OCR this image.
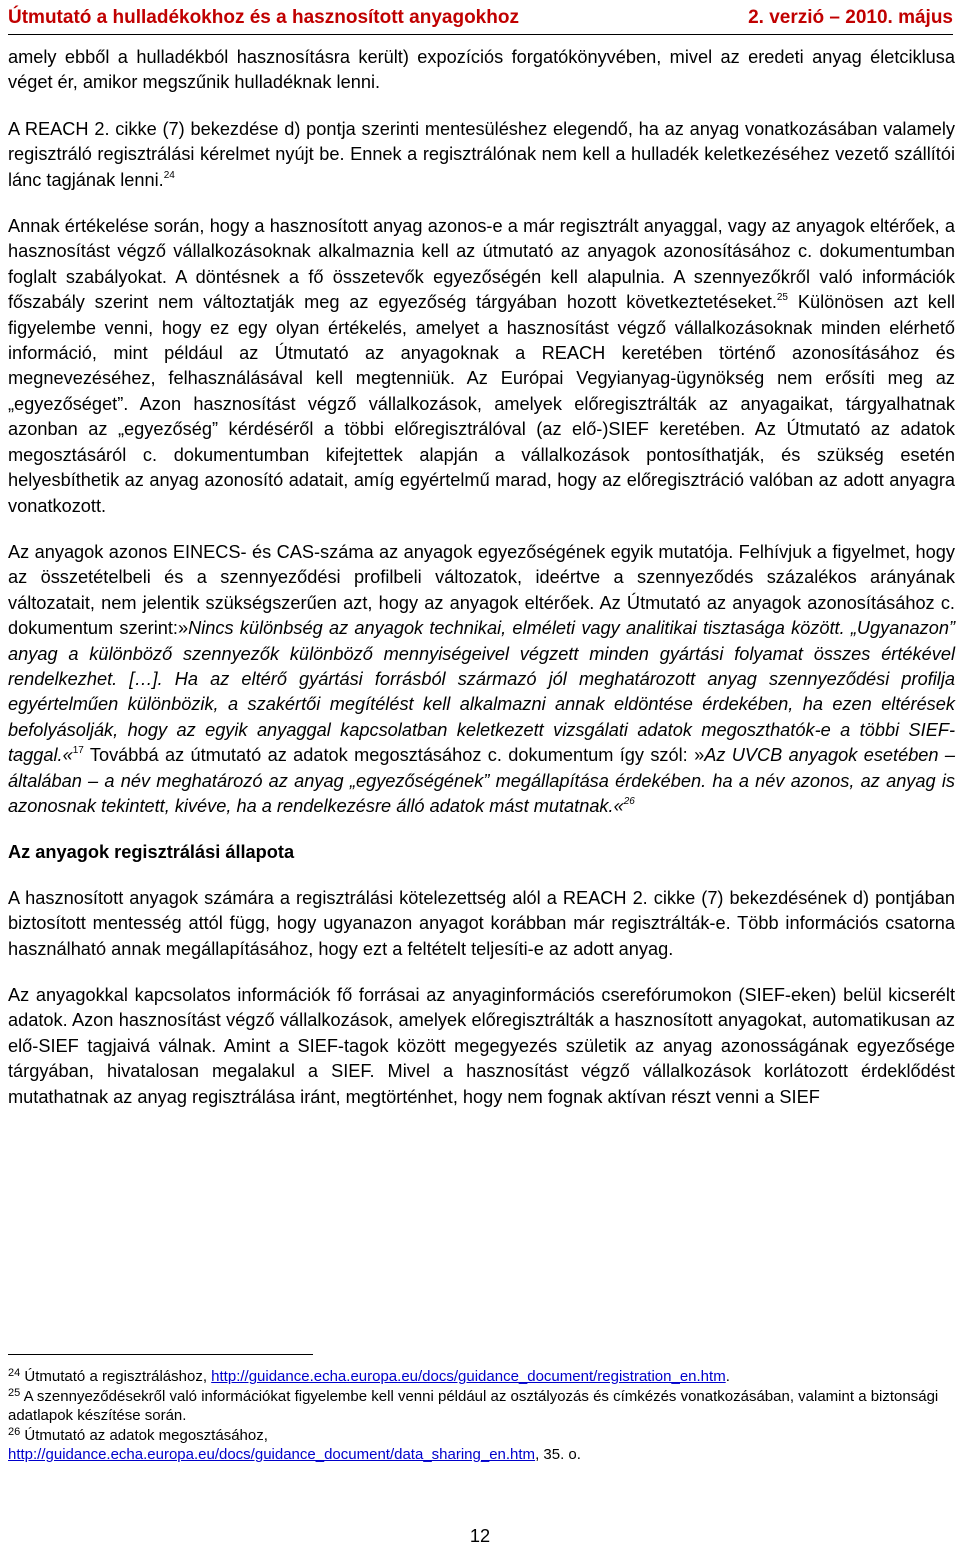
Útmutató a hulladékokhoz és a hasznosított anyagokhoz	2. verzió – 2010. május

amely ebből a hulladékból hasznosításra került) expozíciós forgatókönyvében, mivel az eredeti anyag életciklusa véget ér, amikor megszűnik hulladéknak lenni.

A REACH 2. cikke (7) bekezdése d) pontja szerinti mentesüléshez elegendő, ha az anyag vonatkozásában valamely regisztráló regisztrálási kérelmet nyújt be. Ennek a regisztrálónak nem kell a hulladék keletkezéséhez vezető szállítói lánc tagjának lenni.$^{24}$

Annak értékelése során, hogy a hasznosított anyag azonos-e a már regisztrált anyaggal, vagy az anyagok eltérőek, a hasznosítást végző vállalkozásoknak alkalmaznia kell az útmutató az anyagok azonosításához c. dokumentumban foglalt szabályokat. A döntésnek a fő összetevők egyezőségén kell alapulnia. A szennyezőkről való információk főszabály szerint nem változtatják meg az egyezőség tárgyában hozott következtetéseket.$^{25}$ Különösen azt kell figyelembe venni, hogy ez egy olyan értékelés, amelyet a hasznosítást végző vállalkozásoknak minden elérhető információ, mint például az Útmutató az anyagoknak a REACH keretében történő azonosításához és megnevezéséhez, felhasználásával kell megtenniük. Az Európai Vegyianyag-ügynökség nem erősíti meg az „egyezőséget”. Azon hasznosítást végző vállalkozások, amelyek előregisztrálták az anyagaikat, tárgyalhatnak azonban az „egyezőség” kérdéséről a többi előregisztrálóval (az elő-)SIEF keretében. Az Útmutató az adatok megosztásáról c. dokumentumban kifejtettek alapján a vállalkozások pontosíthatják, és szükség esetén helyesbíthetik az anyag azonosító adatait, amíg egyértelmű marad, hogy az előregisztráció valóban az adott anyagra vonatkozott.

Az anyagok azonos EINECS- és CAS-száma az anyagok egyezőségének egyik mutatója. Felhívjuk a figyelmet, hogy az összetételbeli és a szennyeződési profilbeli változatok, ideértve a szennyeződés százalékos arányának változatait, nem jelentik szükségszerűen azt, hogy az anyagok eltérőek. Az Útmutató az anyagok azonosításához c. dokumentum szerint:»Nincs különbség az anyagok technikai, elméleti vagy analitikai tisztasága között. „Ugyanazon” anyag a különböző szennyezők különböző mennyiségeivel végzett minden gyártási folyamat összes értékével rendelkezhet. […]. Ha az eltérő gyártási forrásból származó jól meghatározott anyag szennyeződési profilja egyértelműen különbözik, a szakértői megítélést kell alkalmazni annak eldöntése érdekében, ha ezen eltérések befolyásolják, hogy az egyik anyaggal kapcsolatban keletkezett vizsgálati adatok megoszthatók-e a többi SIEF-taggal.«$^{17}$ Továbbá az útmutató az adatok megosztásához c. dokumentum így szól: »Az UVCB anyagok esetében – általában – a név meghatározó az anyag „egyezőségének” megállapítása érdekében. ha a név azonos, az anyag is azonosnak tekintett, kivéve, ha a rendelkezésre álló adatok mást mutatnak.«$^{26}$

Az anyagok regisztrálási állapota

A hasznosított anyagok számára a regisztrálási kötelezettség alól a REACH 2. cikke (7) bekezdésének d) pontjában biztosított mentesség attól függ, hogy ugyanazon anyagot korábban már regisztrálták-e. Több információs csatorna használható annak megállapításához, hogy ezt a feltételt teljesíti-e az adott anyag.

Az anyagokkal kapcsolatos információk fő forrásai az anyaginformációs cserefórumokon (SIEF-eken) belül kicserélt adatok. Azon hasznosítást végző vállalkozások, amelyek előregisztrálták a hasznosított anyagokat, automatikusan az elő-SIEF tagjaivá válnak. Amint a SIEF-tagok között megegyezés születik az anyag azonosságának egyezősége tárgyában, hivatalosan megalakul a SIEF. Mivel a hasznosítást végző vállalkozások korlátozott érdeklődést mutathatnak az anyag regisztrálása iránt, megtörténhet, hogy nem fognak aktívan részt venni a SIEF

$^{24}$ Útmutató a regisztráláshoz, http://guidance.echa.europa.eu/docs/guidance_document/registration_en.htm.

$^{25}$ A szennyeződésekről való információkat figyelembe kell venni például az osztályozás és címkézés vonatkozásában, valamint a biztonsági adatlapok készítése során.

$^{26}$ Útmutató az adatok megosztásához,
http://guidance.echa.europa.eu/docs/guidance_document/data_sharing_en.htm, 35. o.

12
